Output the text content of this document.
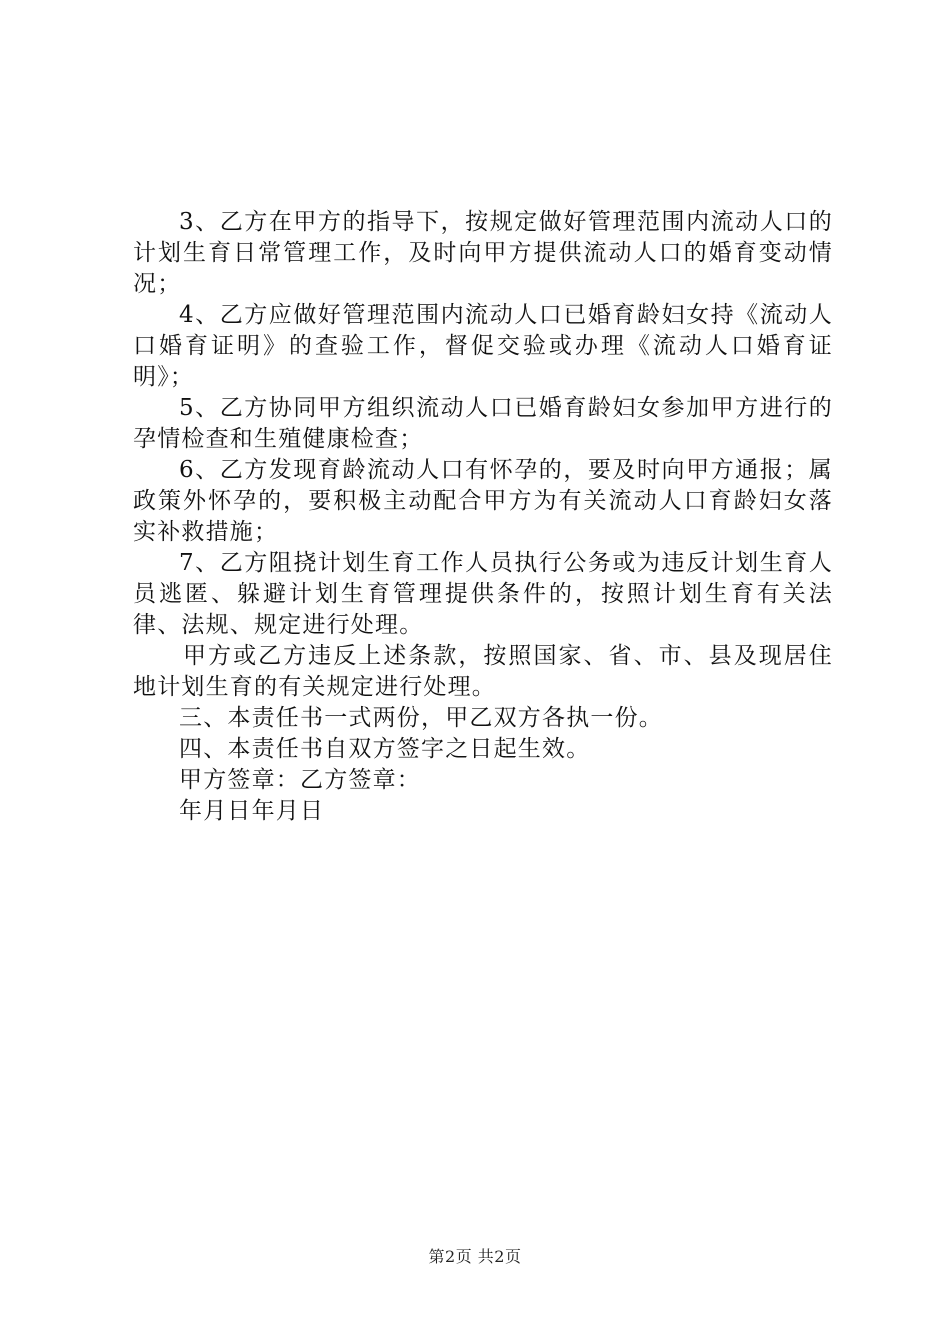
3、乙方在甲方的指导下，按规定做好管理范围内流动人口的计划生育日常管理工作，及时向甲方提供流动人口的婚育变动情况；

4、乙方应做好管理范围内流动人口已婚育龄妇女持《流动人口婚育证明》的查验工作，督促交验或办理《流动人口婚育证明》；

5、乙方协同甲方组织流动人口已婚育龄妇女参加甲方进行的孕情检查和生殖健康检查；

6、乙方发现育龄流动人口有怀孕的，要及时向甲方通报；属政策外怀孕的，要积极主动配合甲方为有关流动人口育龄妇女落实补救措施；

7、乙方阻挠计划生育工作人员执行公务或为违反计划生育人员逃匿、躲避计划生育管理提供条件的，按照计划生育有关法律、法规、规定进行处理。

甲方或乙方违反上述条款，按照国家、省、市、县及现居住地计划生育的有关规定进行处理。

三、本责任书一式两份，甲乙双方各执一份。

四、本责任书自双方签字之日起生效。

甲方签章：乙方签章：

年月日年月日

第2页 共2页
